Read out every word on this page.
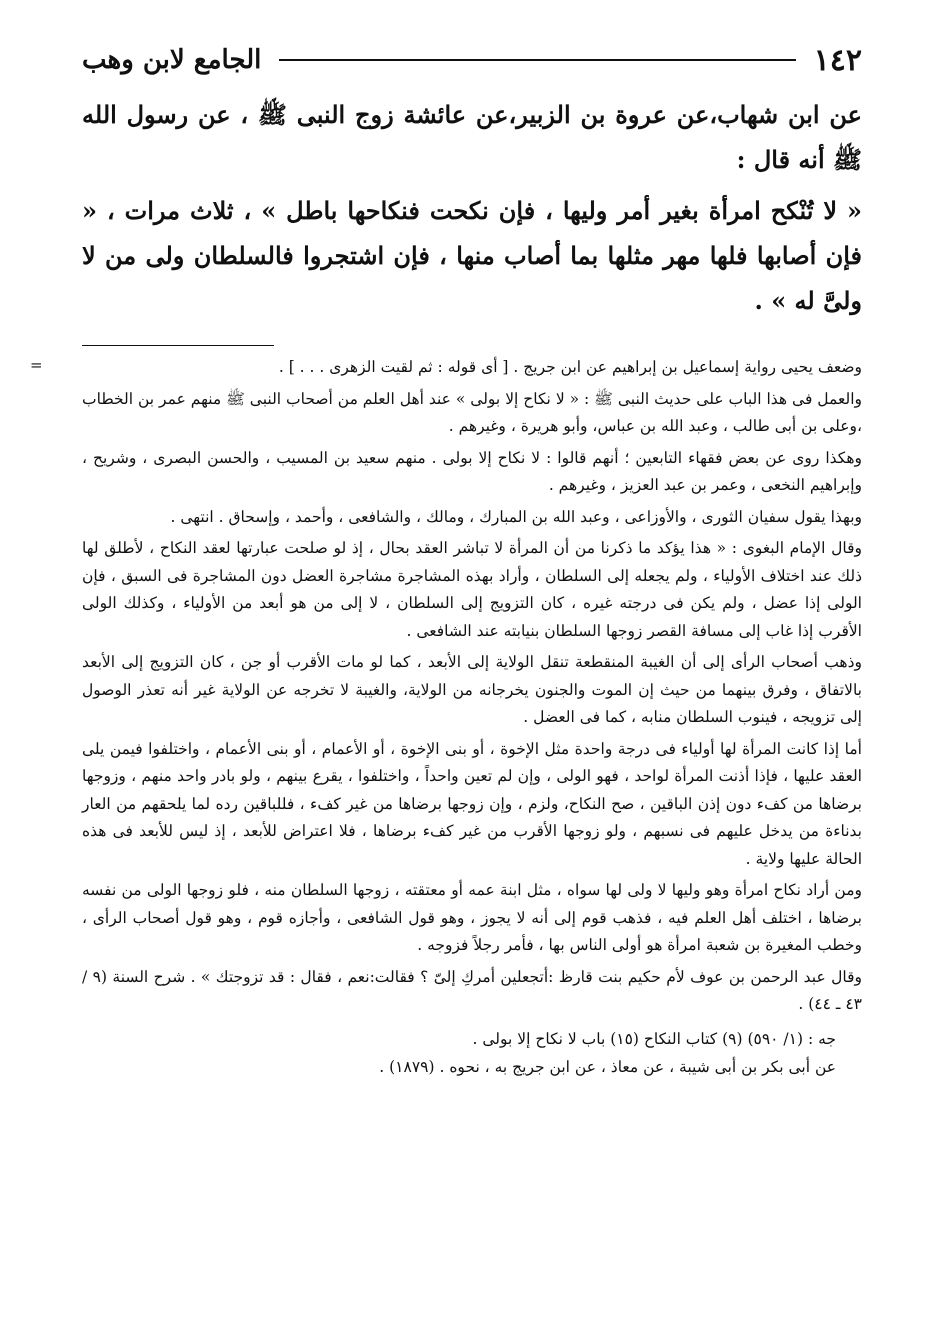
١٤٢
الجامع لابن وهب

عن ابن شهاب،عن عروة بن الزبير،عن عائشة زوج النبى ﷺ ، عن رسول الله ﷺ أنه قال :

« لا تُنْكح امرأة بغير أمر وليها ، فإن نكحت فنكاحها باطل » ، ثلاث مرات ، « فإن أصابها فلها مهر مثلها بما أصاب منها ، فإن اشتجروا فالسلطان ولى من لا ولىَّ له » .

=	وضعف يحيى رواية إسماعيل بن إبراهيم عن ابن جريج . [ أى قوله : ثم لقيت الزهرى . . . ] .

والعمل فى هذا الباب على حديث النبى ﷺ : « لا نكاح إلا بولى » عند أهل العلم من أصحاب النبى ﷺ منهم عمر بن الخطاب ،وعلى بن أبى طالب ، وعبد الله بن عباس، وأبو هريرة ، وغيرهم .

وهكذا روى عن بعض فقهاء التابعين ؛ أنهم قالوا : لا نكاح إلا بولى . منهم سعيد بن المسيب ، والحسن البصرى ، وشريح ، وإبراهيم النخعى ، وعمر بن عبد العزيز ، وغيرهم .

وبهذا يقول سفيان الثورى ، والأوزاعى ، وعبد الله بن المبارك ، ومالك ، والشافعى ، وأحمد ، وإسحاق . انتهى .

وقال الإمام البغوى : « هذا يؤكد ما ذكرنا من أن المرأة لا تباشر العقد بحال ، إذ لو صلحت عبارتها لعقد النكاح ، لأطلق لها ذلك عند اختلاف الأولياء ، ولم يجعله إلى السلطان ، وأراد بهذه المشاجرة مشاجرة العضل دون المشاجرة فى السبق ، فإن الولى إذا عضل ، ولم يكن فى درجته غيره ، كان التزويج إلى السلطان ، لا إلى من هو أبعد من الأولياء ، وكذلك الولى الأقرب إذا غاب إلى مسافة القصر زوجها السلطان بنيابته عند الشافعى .

وذهب أصحاب الرأى إلى أن الغيبة المنقطعة تنقل الولاية إلى الأبعد ، كما لو مات الأقرب أو جن ، كان التزويج إلى الأبعد بالاتفاق ، وفرق بينهما من حيث إن الموت والجنون يخرجانه من الولاية، والغيبة لا تخرجه عن الولاية غير أنه تعذر الوصول إلى تزويجه ، فينوب السلطان منابه ، كما فى العضل .

أما إذا كانت المرأة لها أولياء فى درجة واحدة مثل الإخوة ، أو بنى الإخوة ، أو الأعمام ، أو بنى الأعمام ، واختلفوا فيمن يلى العقد عليها ، فإذا أذنت المرأة لواحد ، فهو الولى ، وإن لم تعين واحداً ، واختلفوا ، يقرع بينهم ، ولو بادر واحد منهم ، وزوجها برضاها من كفء دون إذن الباقين ، صح النكاح، ولزم ، وإن زوجها برضاها من غير كفء ، فللباقين رده لما يلحقهم من العار بدناءة من يدخل عليهم فى نسبهم ، ولو زوجها الأقرب من غير كفء برضاها ، فلا اعتراض للأبعد ، إذ ليس للأبعد فى هذه الحالة عليها ولاية .

ومن أراد نكاح امرأة وهو وليها لا ولى لها سواه ، مثل ابنة عمه أو معتقته ، زوجها السلطان منه ، فلو زوجها الولى من نفسه برضاها ، اختلف أهل العلم فيه ، فذهب قوم إلى أنه لا يجوز ، وهو قول الشافعى ، وأجازه قوم ، وهو قول أصحاب الرأى ، وخطب المغيرة بن شعبة امرأة هو أولى الناس بها ، فأمر رجلاً فزوجه .

وقال عبد الرحمن بن عوف لأم حكيم بنت قارظ :أتجعلين أمركِ إلىّ ؟ فقالت:نعم ، فقال : قد تزوجتك » . شرح السنة (٩ / ٤٣ ـ ٤٤) .

جه : (١/ ٥٩٠) (٩) كتاب النكاح (١٥) باب لا نكاح إلا بولى .

عن أبى بكر بن أبى شيبة ، عن معاذ ، عن ابن جريج به ، نحوه . (١٨٧٩) .
